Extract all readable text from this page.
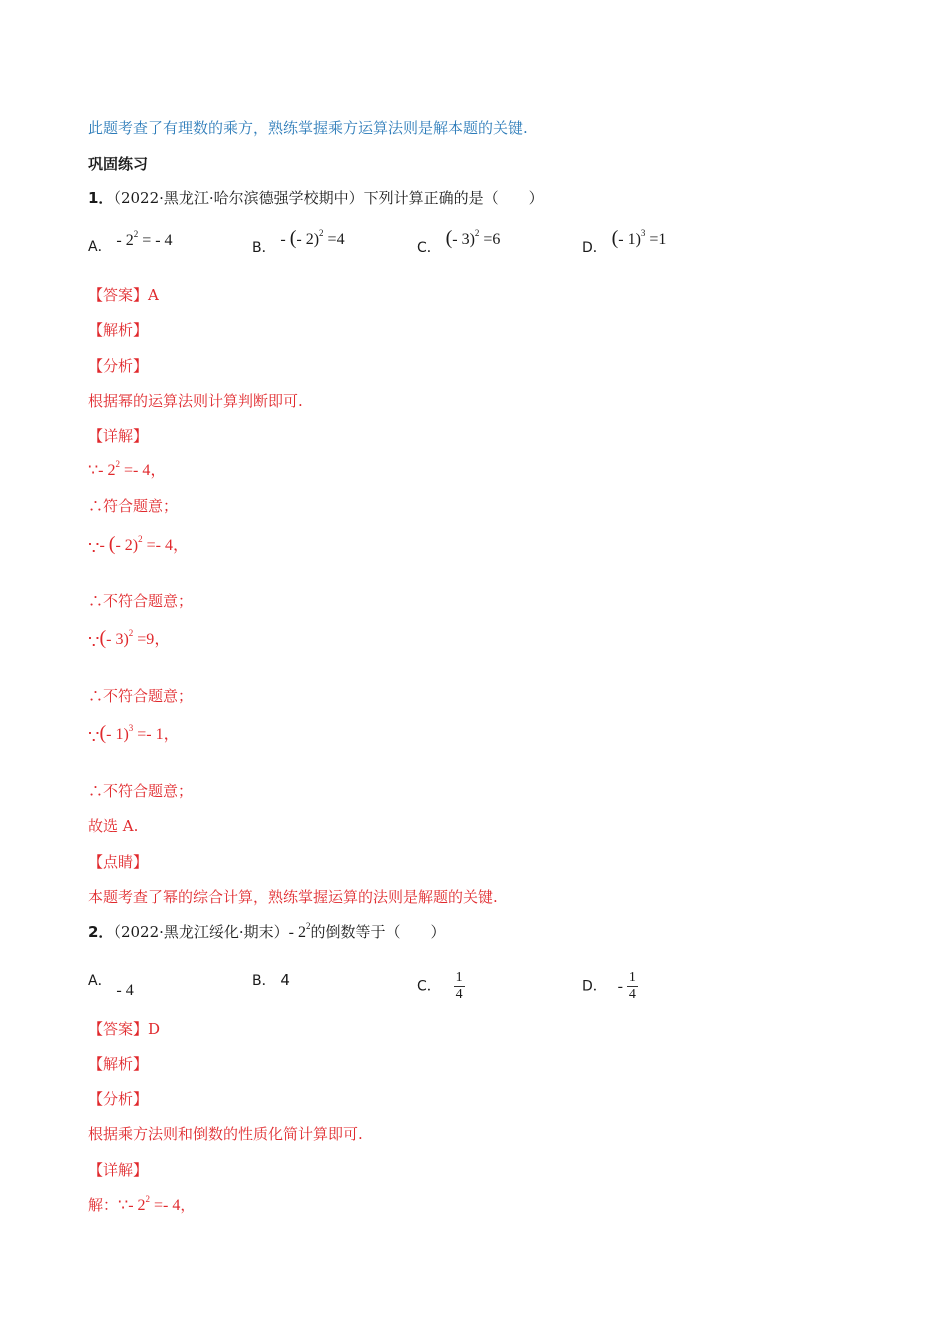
此题考查了有理数的乘方，熟练掌握乘方运算法则是解本题的关键.
巩固练习
1．（2022·黑龙江·哈尔滨德强学校期中）下列计算正确的是（　　）
A． - $2^2$ = - 4	B． - (- 2)$^2$ =4	C． (- 3)$^2$ =6	D． (- 1)$^3$ =1
【答案】A
【解析】
【分析】
根据幂的运算法则计算判断即可.
【详解】
∵- $2^2 =- 4$，
∴符合题意；
∵- (- 2)$^2$ =- 4，
∴不符合题意；
∵(- 3)$^2$ =9，
∴不符合题意；
∵(- 1)$^3$ =- 1，
∴不符合题意；
故选 A.
【点睛】
本题考查了幂的综合计算，熟练掌握运算的法则是解题的关键.
2．（2022·黑龙江绥化·期末）- $2^2$的倒数等于（　　）
A． - 4
B． 4	C． $\frac{1}{4}$	D． - $\frac{1}{4}$
【答案】D
【解析】
【分析】
根据乘方法则和倒数的性质化简计算即可.
【详解】
解：∵- $2^2 =- 4$，
